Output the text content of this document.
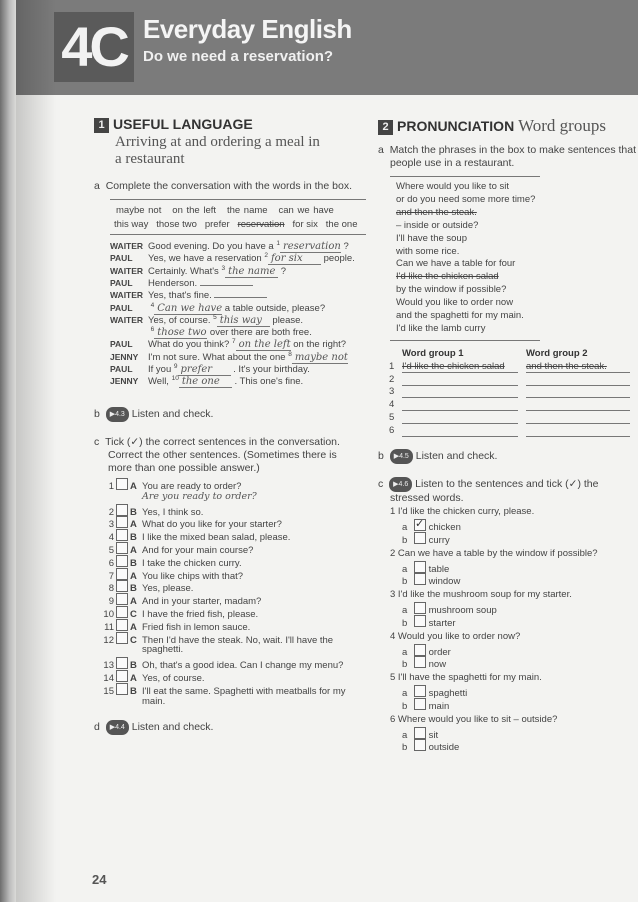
4C Everyday English
Do we need a reservation?
1 USEFUL LANGUAGE
Arriving at and ordering a meal in
a restaurant
a Complete the conversation with the words in the box.
maybe not on the left the name can we have
this way those two prefer reservation for six the one
WAITER Good evening. Do you have a $^1$ reservation ?
PAUL Yes, we have a reservation $^2$ for six people.
WAITER Certainly. What's $^3$ the name ?
PAUL Henderson.
WAITER Yes, that's fine.
PAUL	$^4$ Can we have a table outside, please?
WAITER Yes, of course. $^5$ this way please.
$^6$ those two over there are both free.
PAUL What do you think? $^7$ on the left on the right?
JENNY I'm not sure. What about the one $^8$ maybe not
PAUL If you $^9$ prefer . It's your birthday.
JENNY Well, $^{10}$ the one . This one's fine.
b ▶4.3 Listen and check.
c Tick (✓) the correct sentences in the conversation.
Correct the other sentences. (Sometimes there is
more than one possible answer.)
1 A You are ready to order?
Are you ready to order?
2 B Yes, I think so.
3 A What do you like for your starter?
4 B I like the mixed bean salad, please.
5 A And for your main course?
6 B I take the chicken curry.
7 A You like chips with that?
8 B Yes, please.
9 A And in your starter, madam?
10 C I have the fried fish, please.
11 A Fried fish in lemon sauce.
12 C Then I'd have the steak. No, wait. I'll have the
spaghetti.
13 B Oh, that's a good idea. Can I change my menu?
14 A Yes, of course.
15 B I'll eat the same. Spaghetti with meatballs for my
main.
d ▶4.4 Listen and check.
2 PRONUNCIATION Word groups
a Match the phrases in the box to make sentences that
people use in a restaurant.
Where would you like to sit
or do you need some more time?
and then the steak.
– inside or outside?
I'll have the soup
with some rice.
Can we have a table for four
I'd like the chicken salad
by the window if possible?
Would you like to order now
and the spaghetti for my main.
I'd like the lamb curry
Word group 1	Word group 2
1 I'd like the chicken salad	and then the steak.
2
3
4
5
6
b ▶4.5 Listen and check.
c ▶4.6 Listen to the sentences and tick (✓) the
stressed words.
1 I'd like the chicken curry, please.
a✓ chicken
b curry
2 Can we have a table by the window if possible?
a table
b window
3 I'd like the mushroom soup for my starter.
a mushroom soup
b starter
4 Would you like to order now?
a order
b now
5 I'll have the spaghetti for my main.
a spaghetti
b main
6 Where would you like to sit – outside?
a sit
b outside
24
